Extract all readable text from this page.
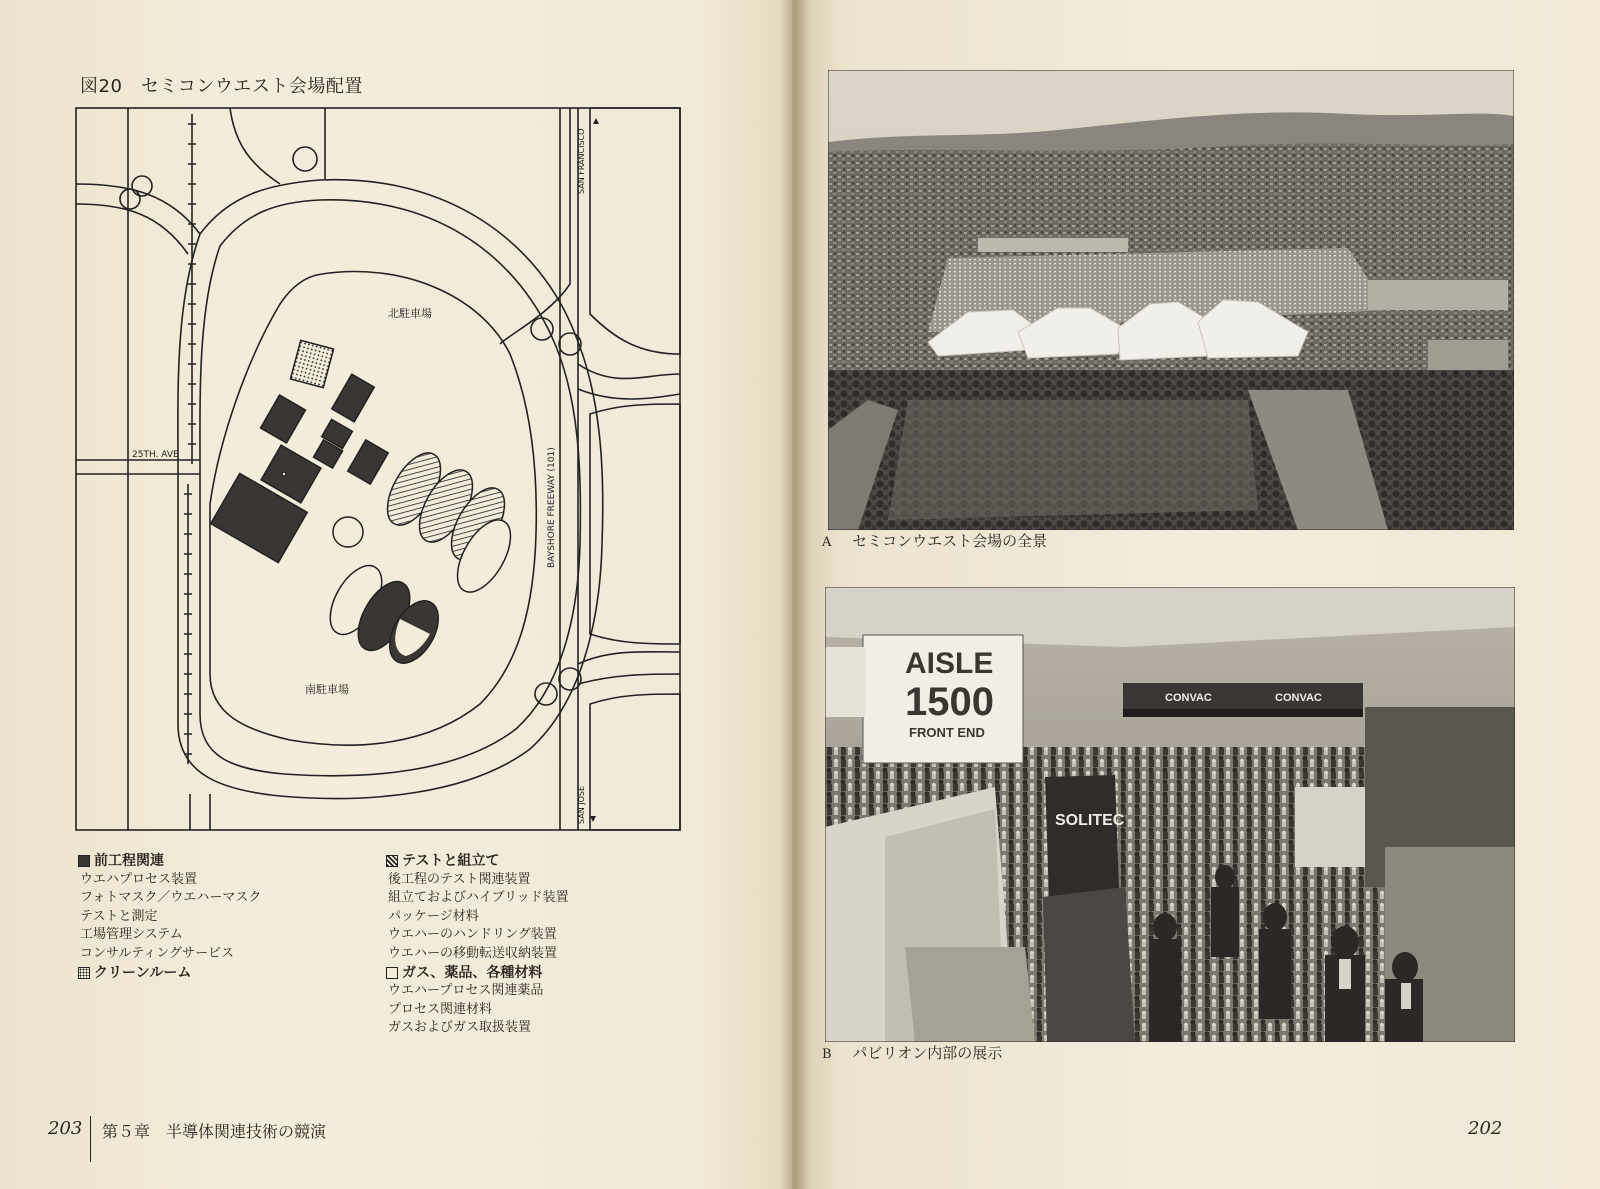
図20　セミコンウエスト会場配置
北駐車場
南駐車場
25TH. AVE	BAYSHORE FREEWAY (101)
SAN FRANCISCO
SAN JOSE
前工程関連
ウエハプロセス装置
フォトマスク／ウエハーマスク
テストと測定
工場管理システム
コンサルティングサービス
クリーンルーム
テストと組立て
後工程のテスト関連装置
組立ておよびハイブリッド装置
パッケージ材料
ウエハーのハンドリング装置
ウエハーの移動転送収納装置
ガス、薬品、各種材料
ウエハープロセス関連薬品
プロセス関連材料
ガスおよびガス取扱装置
203 第５章　半導体関連技術の競演
A セミコンウエスト会場の全景
AISLE
1500
FRONT END
CONVAC	CONVAC
SOLITEC
B パビリオン内部の展示
202
